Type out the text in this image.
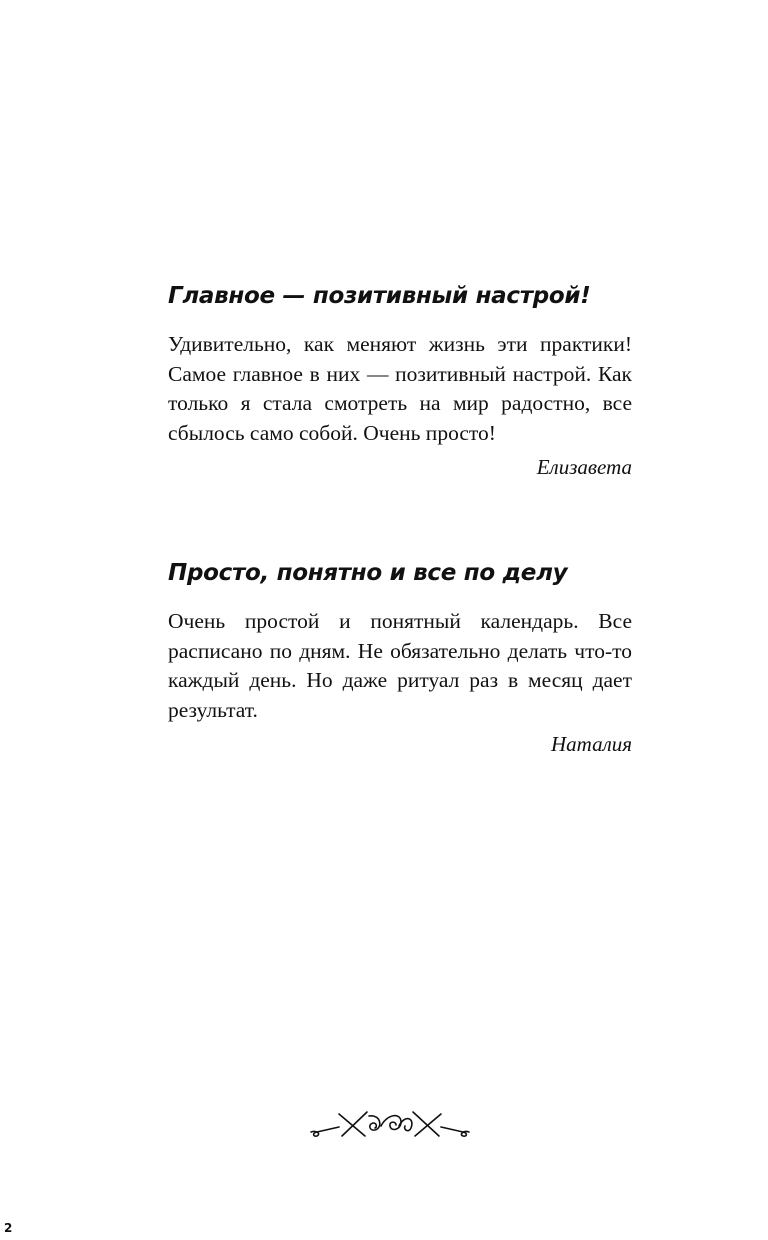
Главное — позитивный настрой!

Удивительно, как меняют жизнь эти практики! Самое главное в них — позитивный настрой. Как только я стала смотреть на мир радостно, все сбылось само собой. Очень просто!

Елизавета
Просто, понятно и все по делу

Очень простой и понятный календарь. Все расписано по дням. Не обязательно делать что-то каждый день. Но даже ритуал раз в месяц дает результат.

Наталия
2
